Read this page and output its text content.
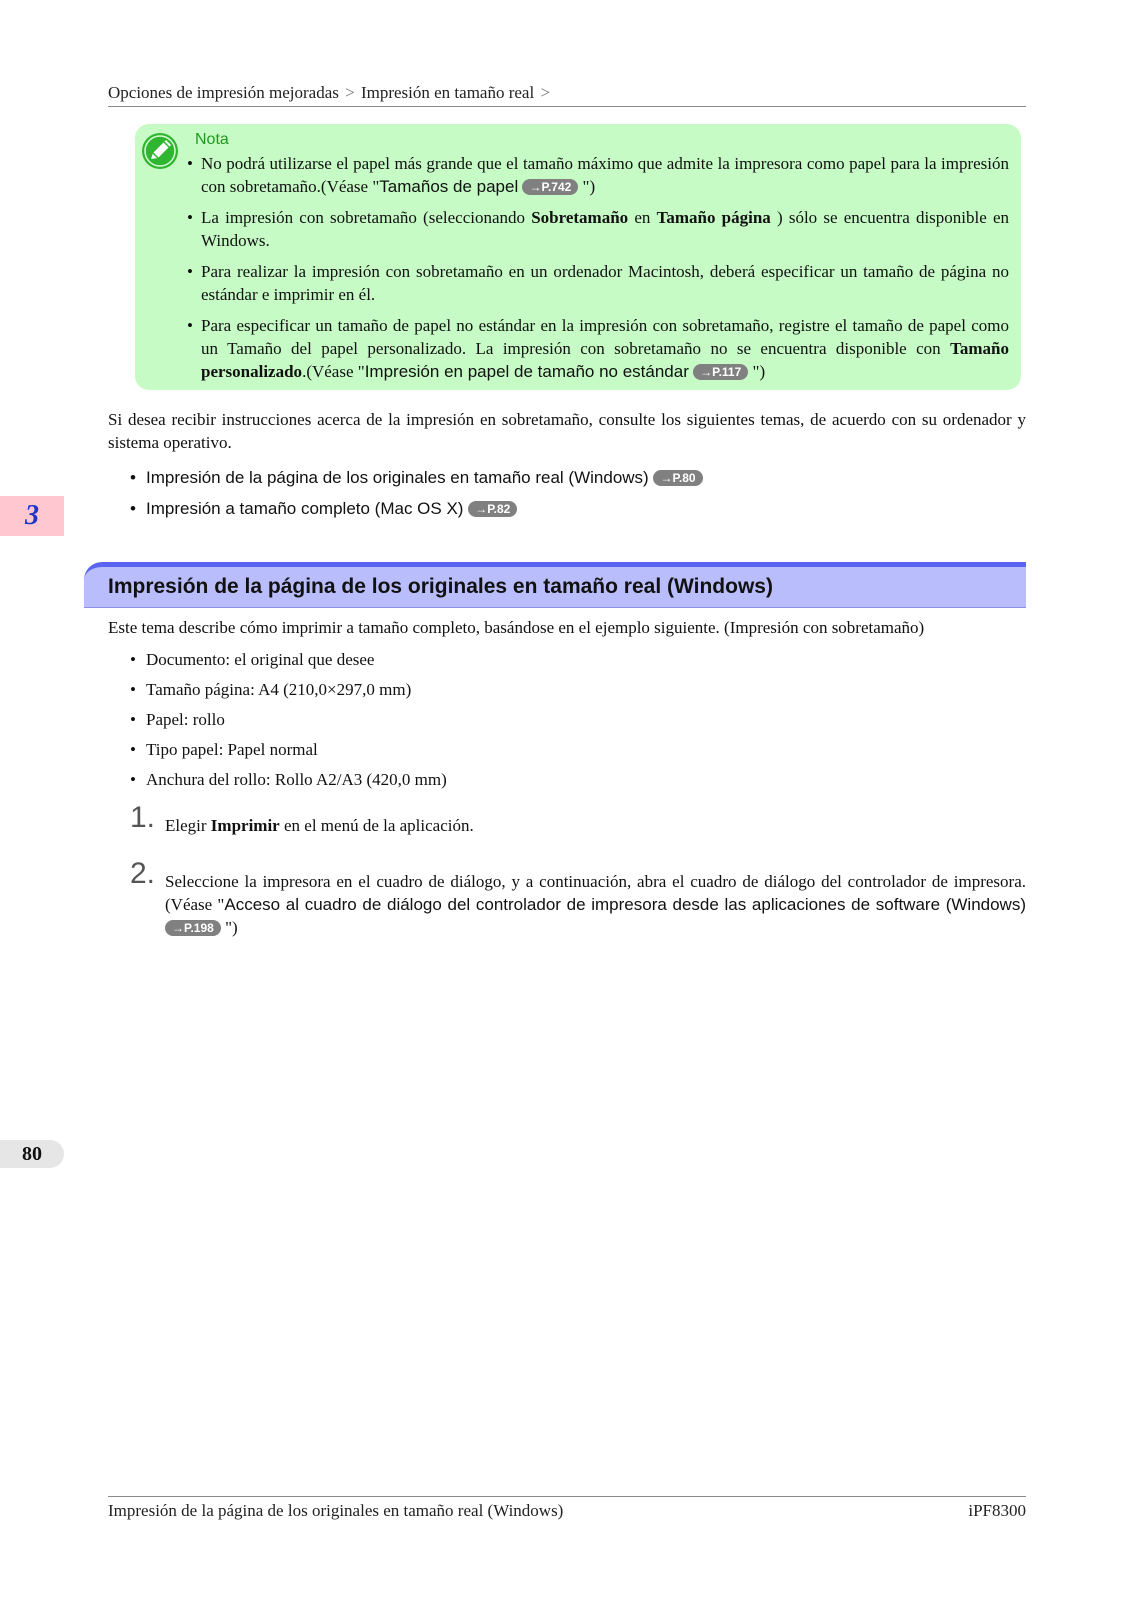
Opciones de impresión mejoradas > Impresión en tamaño real >
Nota
• No podrá utilizarse el papel más grande que el tamaño máximo que admite la impresora como papel para la impresión con sobretamaño.(Véase "Tamaños de papel →P.742 ")
• La impresión con sobretamaño (seleccionando Sobretamaño en Tamaño página ) sólo se encuentra disponible en Windows.
• Para realizar la impresión con sobretamaño en un ordenador Macintosh, deberá especificar un tamaño de página no estándar e imprimir en él.
• Para especificar un tamaño de papel no estándar en la impresión con sobretamaño, registre el tamaño de papel como un Tamaño del papel personalizado. La impresión con sobretamaño no se encuentra disponible con Tamaño personalizado.(Véase "Impresión en papel de tamaño no estándar →P.117 ")
Si desea recibir instrucciones acerca de la impresión en sobretamaño, consulte los siguientes temas, de acuerdo con su ordenador y sistema operativo.
• Impresión de la página de los originales en tamaño real (Windows) →P.80
• Impresión a tamaño completo (Mac OS X) →P.82
3
Impresión de la página de los originales en tamaño real (Windows)
Este tema describe cómo imprimir a tamaño completo, basándose en el ejemplo siguiente. (Impresión con sobretamaño)
• Documento: el original que desee
• Tamaño página: A4 (210,0×297,0 mm)
• Papel: rollo
• Tipo papel: Papel normal
• Anchura del rollo: Rollo A2/A3 (420,0 mm)
1. Elegir Imprimir en el menú de la aplicación.
2. Seleccione la impresora en el cuadro de diálogo, y a continuación, abra el cuadro de diálogo del controlador de impresora.(Véase "Acceso al cuadro de diálogo del controlador de impresora desde las aplicaciones de software (Windows) →P.198 ")
80
Impresión de la página de los originales en tamaño real (Windows)	iPF8300
